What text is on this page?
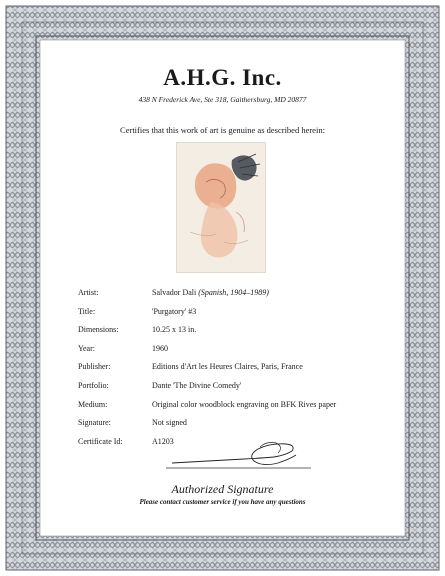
A.H.G. Inc.
438 N Frederick Ave, Ste 318, Gaithersburg, MD 20877
Certifies that this work of art is genuine as described herein:
Artist:	Salvador Dali (Spanish, 1904–1989)
Title:	'Purgatory' #3
Dimensions:	10.25 x 13 in.
Year:	1960
Publisher:	Editions d'Art les Heures Claires, Paris, France
Portfolio:	Dante 'The Divine Comedy'
Medium:	Original color woodblock engraving on BFK Rives paper
Signature:	Not signed
Certificate Id:	A1203
Authorized Signature
Please contact customer service if you have any questions
